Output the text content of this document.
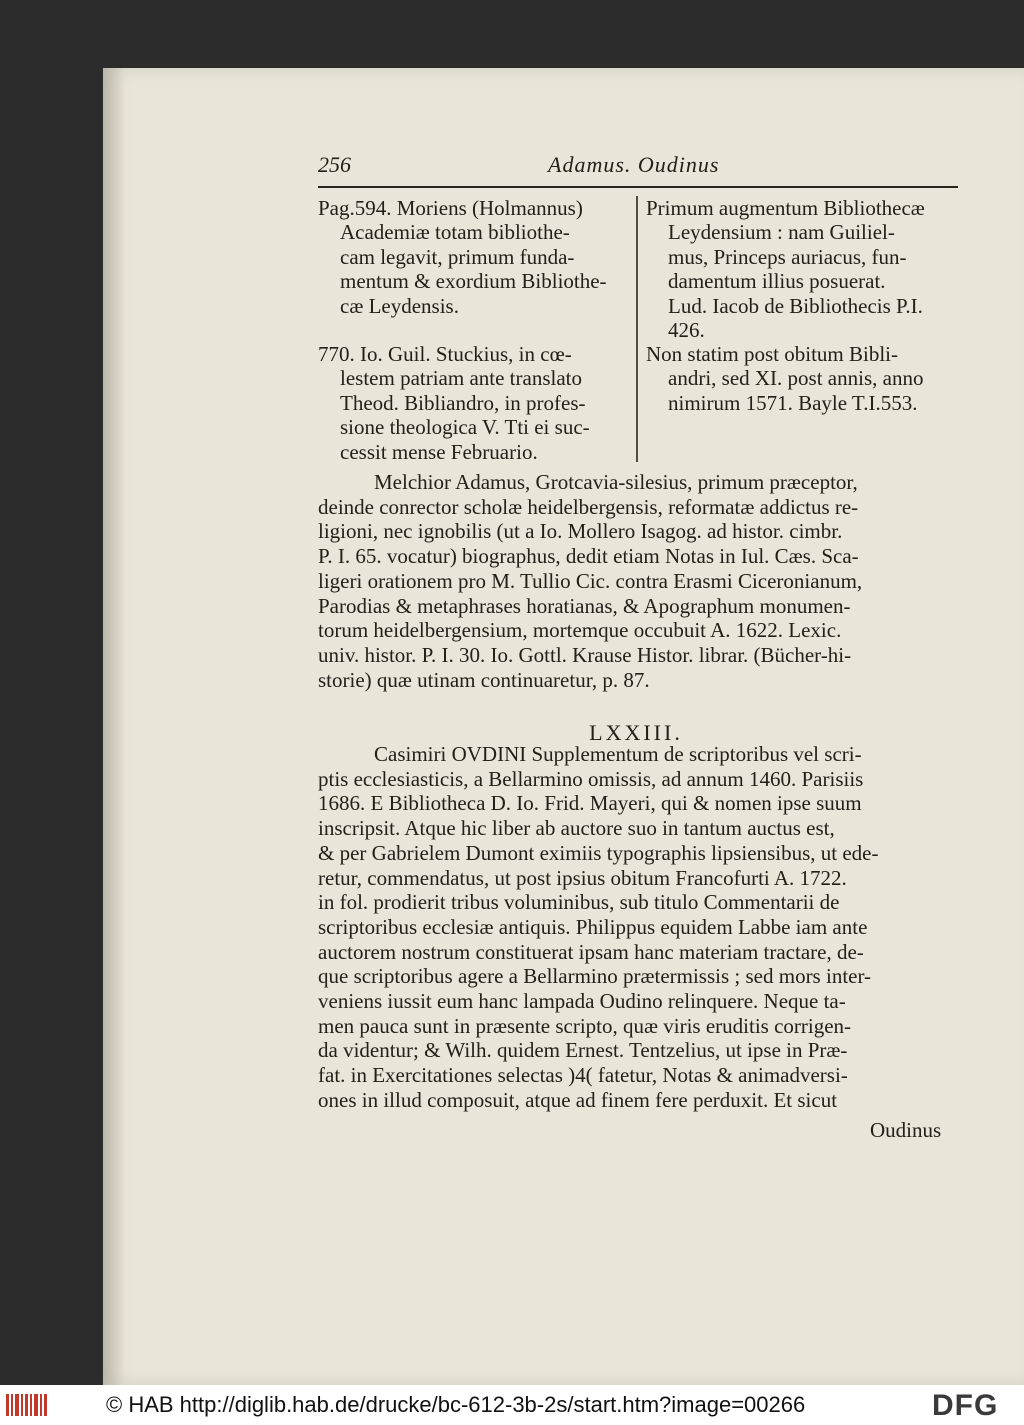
256	Adamus. Oudinus
Pag.594. Moriens (Holmannus)
Academiæ totam bibliothe-
cam legavit, primum funda-
mentum & exordium Bibliothe-
cæ Leydensis.
770. Io. Guil. Stuckius, in cœ-
lestem patriam ante translato
Theod. Bibliandro, in profes-
sione theologica V. Tti ei suc-
cessit mense Februario.
Primum augmentum Bibliothecæ
Leydensium : nam Guiliel-
mus, Princeps auriacus, fun-
damentum illius posuerat.
Lud. Iacob de Bibliothecis P.I.
426.
Non statim post obitum Bibli-
andri, sed XI. post annis, anno
nimirum 1571. Bayle T.I.553.
Melchior Adamus, Grotcavia-silesius, primum præceptor,
deinde conrector scholæ heidelbergensis, reformatæ addictus re-
ligioni, nec ignobilis (ut a Io. Mollero Isagog. ad histor. cimbr.
P. I. 65. vocatur) biographus, dedit etiam Notas in Iul. Cæs. Sca-
ligeri orationem pro M. Tullio Cic. contra Erasmi Ciceronianum,
Parodias & metaphrases horatianas, & Apographum monumen-
torum heidelbergensium, mortemque occubuit A. 1622. Lexic.
univ. histor. P. I. 30. Io. Gottl. Krause Histor. librar. (Bücher-hi-
storie) quæ utinam continuaretur, p. 87.
LXXIII.
Casimiri OVDINI Supplementum de scriptoribus vel scri-
ptis ecclesiasticis, a Bellarmino omissis, ad annum 1460. Parisiis
1686. E Bibliotheca D. Io. Frid. Mayeri, qui & nomen ipse suum
inscripsit. Atque hic liber ab auctore suo in tantum auctus est,
& per Gabrielem Dumont eximiis typographis lipsiensibus, ut ede-
retur, commendatus, ut post ipsius obitum Francofurti A. 1722.
in fol. prodierit tribus voluminibus, sub titulo Commentarii de
scriptoribus ecclesiæ antiquis. Philippus equidem Labbe iam ante
auctorem nostrum constituerat ipsam hanc materiam tractare, de-
que scriptoribus agere a Bellarmino prætermissis ; sed mors inter-
veniens iussit eum hanc lampada Oudino relinquere. Neque ta-
men pauca sunt in præsente scripto, quæ viris eruditis corrigen-
da videntur; & Wilh. quidem Ernest. Tentzelius, ut ipse in Præ-
fat. in Exercitationes selectas )4( fatetur, Notas & animadversi-
ones in illud composuit, atque ad finem fere perduxit. Et sicut
Oudinus
© HAB http://diglib.hab.de/drucke/bc-612-3b-2s/start.htm?image=00266	DFG
